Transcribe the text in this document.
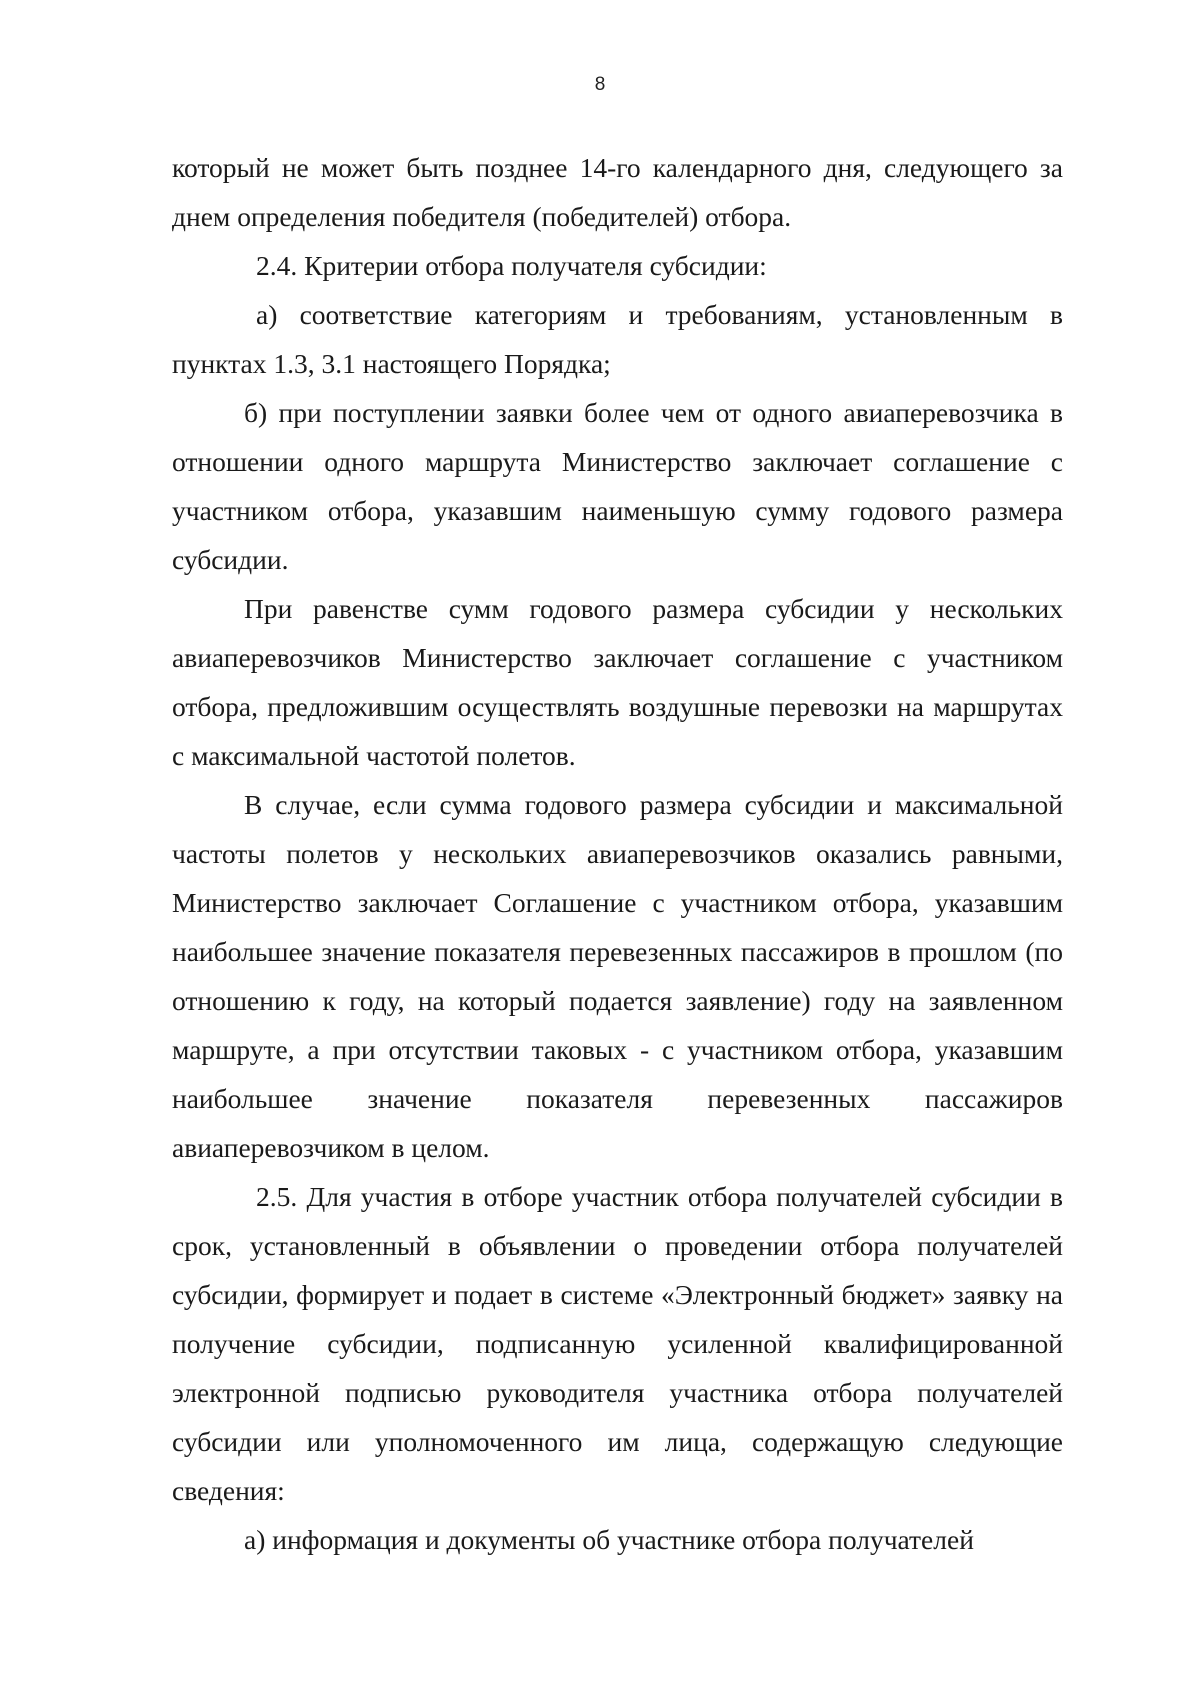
8

который не может быть позднее 14-го календарного дня, следующего за днем определения победителя (победителей) отбора.

2.4. Критерии отбора получателя субсидии:

а) соответствие категориям и требованиям, установленным в пунктах 1.3, 3.1 настоящего Порядка;

б) при поступлении заявки более чем от одного авиаперевозчика в отношении одного маршрута Министерство заключает соглашение с участником отбора, указавшим наименьшую сумму годового размера субсидии.

При равенстве сумм годового размера субсидии у нескольких авиаперевозчиков Министерство заключает соглашение с участником отбора, предложившим осуществлять воздушные перевозки на маршрутах с максимальной частотой полетов.

В случае, если сумма годового размера субсидии и максимальной частоты полетов у нескольких авиаперевозчиков оказались равными, Министерство заключает Соглашение с участником отбора, указавшим наибольшее значение показателя перевезенных пассажиров в прошлом (по отношению к году, на который подается заявление) году на заявленном маршруте, а при отсутствии таковых - с участником отбора, указавшим наибольшее значение показателя перевезенных пассажиров авиаперевозчиком в целом.

2.5. Для участия в отборе участник отбора получателей субсидии в срок, установленный в объявлении о проведении отбора получателей субсидии, формирует и подает в системе «Электронный бюджет» заявку на получение субсидии, подписанную усиленной квалифицированной электронной подписью руководителя участника отбора получателей субсидии или уполномоченного им лица, содержащую следующие сведения:

а) информация и документы об участнике отбора получателей
